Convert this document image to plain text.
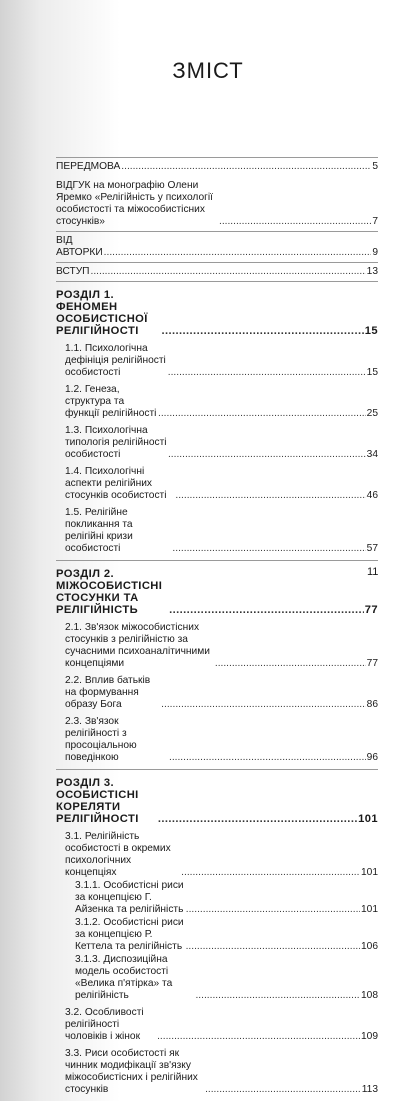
ЗМІСТ
ПЕРЕДМОВА .....	5
ВІДГУК на монографію Олени Яремко «Релігійність у психології особистості та міжособистісних стосунків» .....	7
ВІД АВТОРКИ .....	9
ВСТУП .....	13
РОЗДІЛ 1. ФЕНОМЕН ОСОБИСТІСНОЇ РЕЛІГІЙНОСТІ .....	15
1.1. Психологічна дефініція релігійності особистості .....	15
1.2. Генеза, структура та функції релігійності .....	25
1.3. Психологічна типологія релігійності особистості .....	34
1.4. Психологічні аспекти релігійних стосунків особистості .....	46
1.5. Релігійне покликання та релігійні кризи особистості .....	57
РОЗДІЛ 2. МІЖОСОБИСТІСНІ СТОСУНКИ ТА РЕЛІГІЙНІСТЬ .....	77
2.1. Зв'язок міжособистісних стосунків з релігійністю за сучасними психоаналітичними концепціями .....	77
2.2. Вплив батьків на формування образу Бога .....	86
2.3. Зв'язок релігійності з просоціальною поведінкою .....	96
РОЗДІЛ 3. ОСОБИСТІСНІ КОРЕЛЯТИ РЕЛІГІЙНОСТІ .....	101
3.1. Релігійність особистості в окремих психологічних концепціях .....	101
3.1.1. Особистісні риси за концепцією Г. Айзенка та релігійність .....	101
3.1.2. Особистісні риси за концепцією Р. Кеттела та релігійність .....	106
3.1.3. Диспозиційна модель особистості «Велика п'ятірка» та релігійність .....	108
3.2. Особливості релігійності чоловіків і жінок .....	109
3.3. Риси особистості як чинник модифікації зв'язку міжособистісних і релігійних стосунків .....	113
11
